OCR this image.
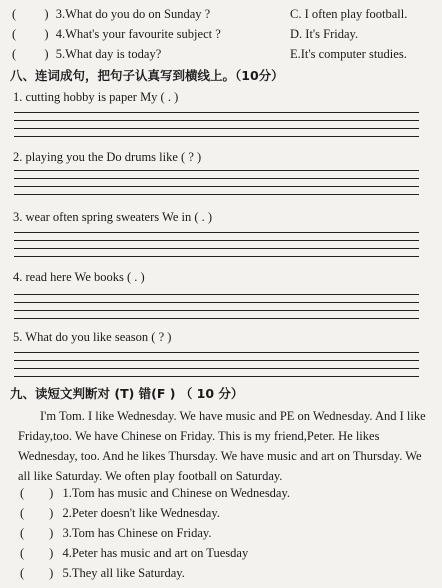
( ) 3.What do you do on Sunday ?	C. I often play football.
( ) 4.What's your favourite subject ?	D. It's Friday.
( ) 5.What day is today?	E.It's computer studies.
八、连词成句，把句子认真写到横线上。（10分）
1. cutting hobby is paper My ( . )
2. playing you the Do drums like ( ? )
3. wear often spring sweaters We in ( . )
4. read here We books ( . )
5. What do you like season ( ? )
九、读短文判断对 (T) 错(F ) （ 10 分）
I'm Tom. I like Wednesday. We have music and PE on Wednesday. And I like Friday,too. We have Chinese on Friday. This is my friend,Peter. He likes Wednesday, too. And he likes Thursday. We have music and art on Thursday. We all like Saturday. We often play football on Saturday.
(        ) 1.Tom has music and Chinese on Wednesday.
(        ) 2.Peter doesn't like Wednesday.
(        ) 3.Tom has Chinese on Friday.
(        ) 4.Peter has music and art on Tuesday
(        ) 5.They all like Saturday.
